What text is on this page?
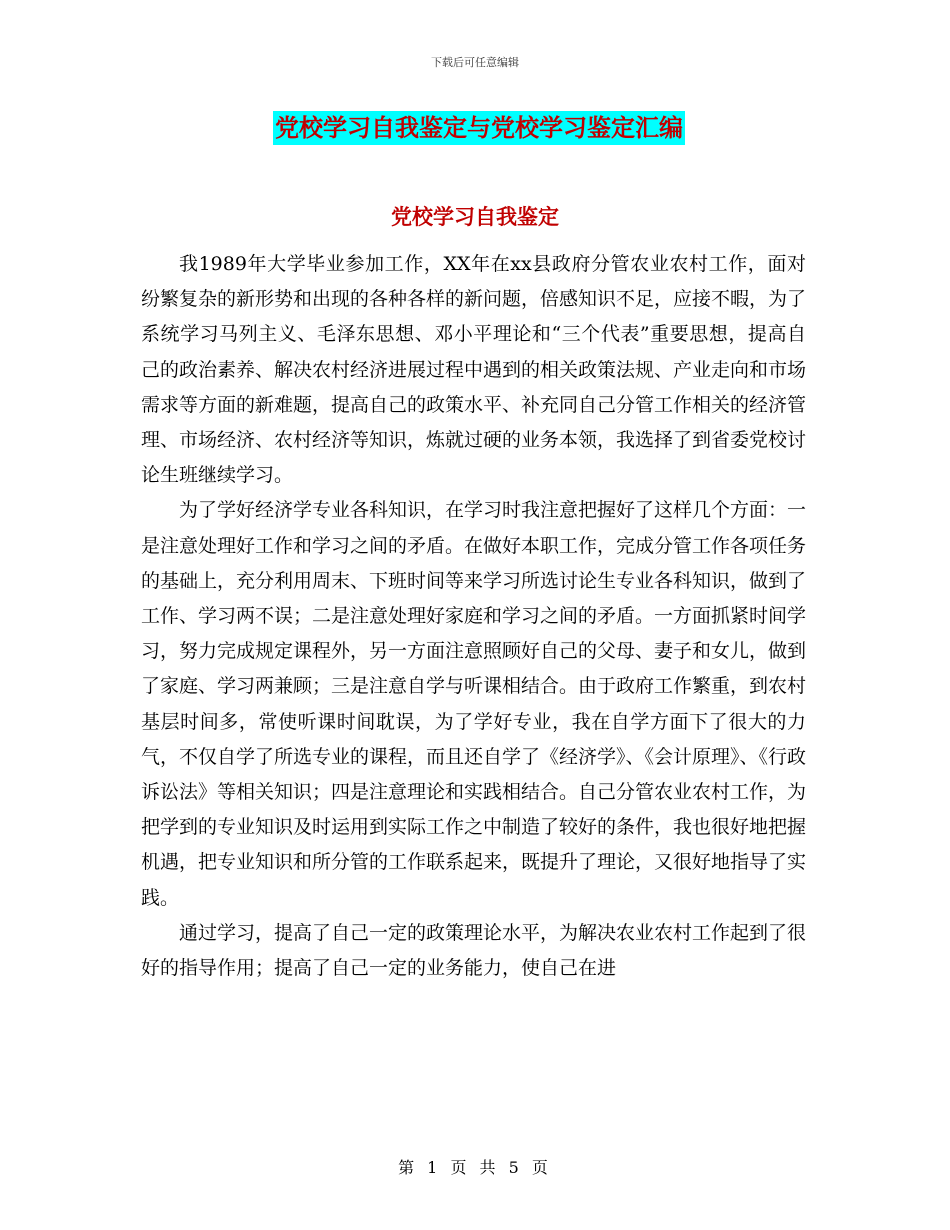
下载后可任意编辑
党校学习自我鉴定与党校学习鉴定汇编
党校学习自我鉴定

我1989年大学毕业参加工作，XX年在xx县政府分管农业农村工作，面对纷繁复杂的新形势和出现的各种各样的新问题，倍感知识不足，应接不暇，为了系统学习马列主义、毛泽东思想、邓小平理论和“三个代表”重要思想，提高自己的政治素养、解决农村经济进展过程中遇到的相关政策法规、产业走向和市场需求等方面的新难题，提高自己的政策水平、补充同自己分管工作相关的经济管理、市场经济、农村经济等知识，炼就过硬的业务本领，我选择了到省委党校讨论生班继续学习。

为了学好经济学专业各科知识，在学习时我注意把握好了这样几个方面：一是注意处理好工作和学习之间的矛盾。在做好本职工作，完成分管工作各项任务的基础上，充分利用周末、下班时间等来学习所选讨论生专业各科知识，做到了工作、学习两不误；二是注意处理好家庭和学习之间的矛盾。一方面抓紧时间学习，努力完成规定课程外，另一方面注意照顾好自己的父母、妻子和女儿，做到了家庭、学习两兼顾；三是注意自学与听课相结合。由于政府工作繁重，到农村基层时间多，常使听课时间耽误，为了学好专业，我在自学方面下了很大的力气，不仅自学了所选专业的课程，而且还自学了《经济学》、《会计原理》、《行政诉讼法》等相关知识；四是注意理论和实践相结合。自己分管农业农村工作，为把学到的专业知识及时运用到实际工作之中制造了较好的条件，我也很好地把握机遇，把专业知识和所分管的工作联系起来，既提升了理论，又很好地指导了实践。

通过学习，提高了自己一定的政策理论水平，为解决农业农村工作起到了很好的指导作用；提高了自己一定的业务能力，使自己在进

第 1 页 共 5 页
